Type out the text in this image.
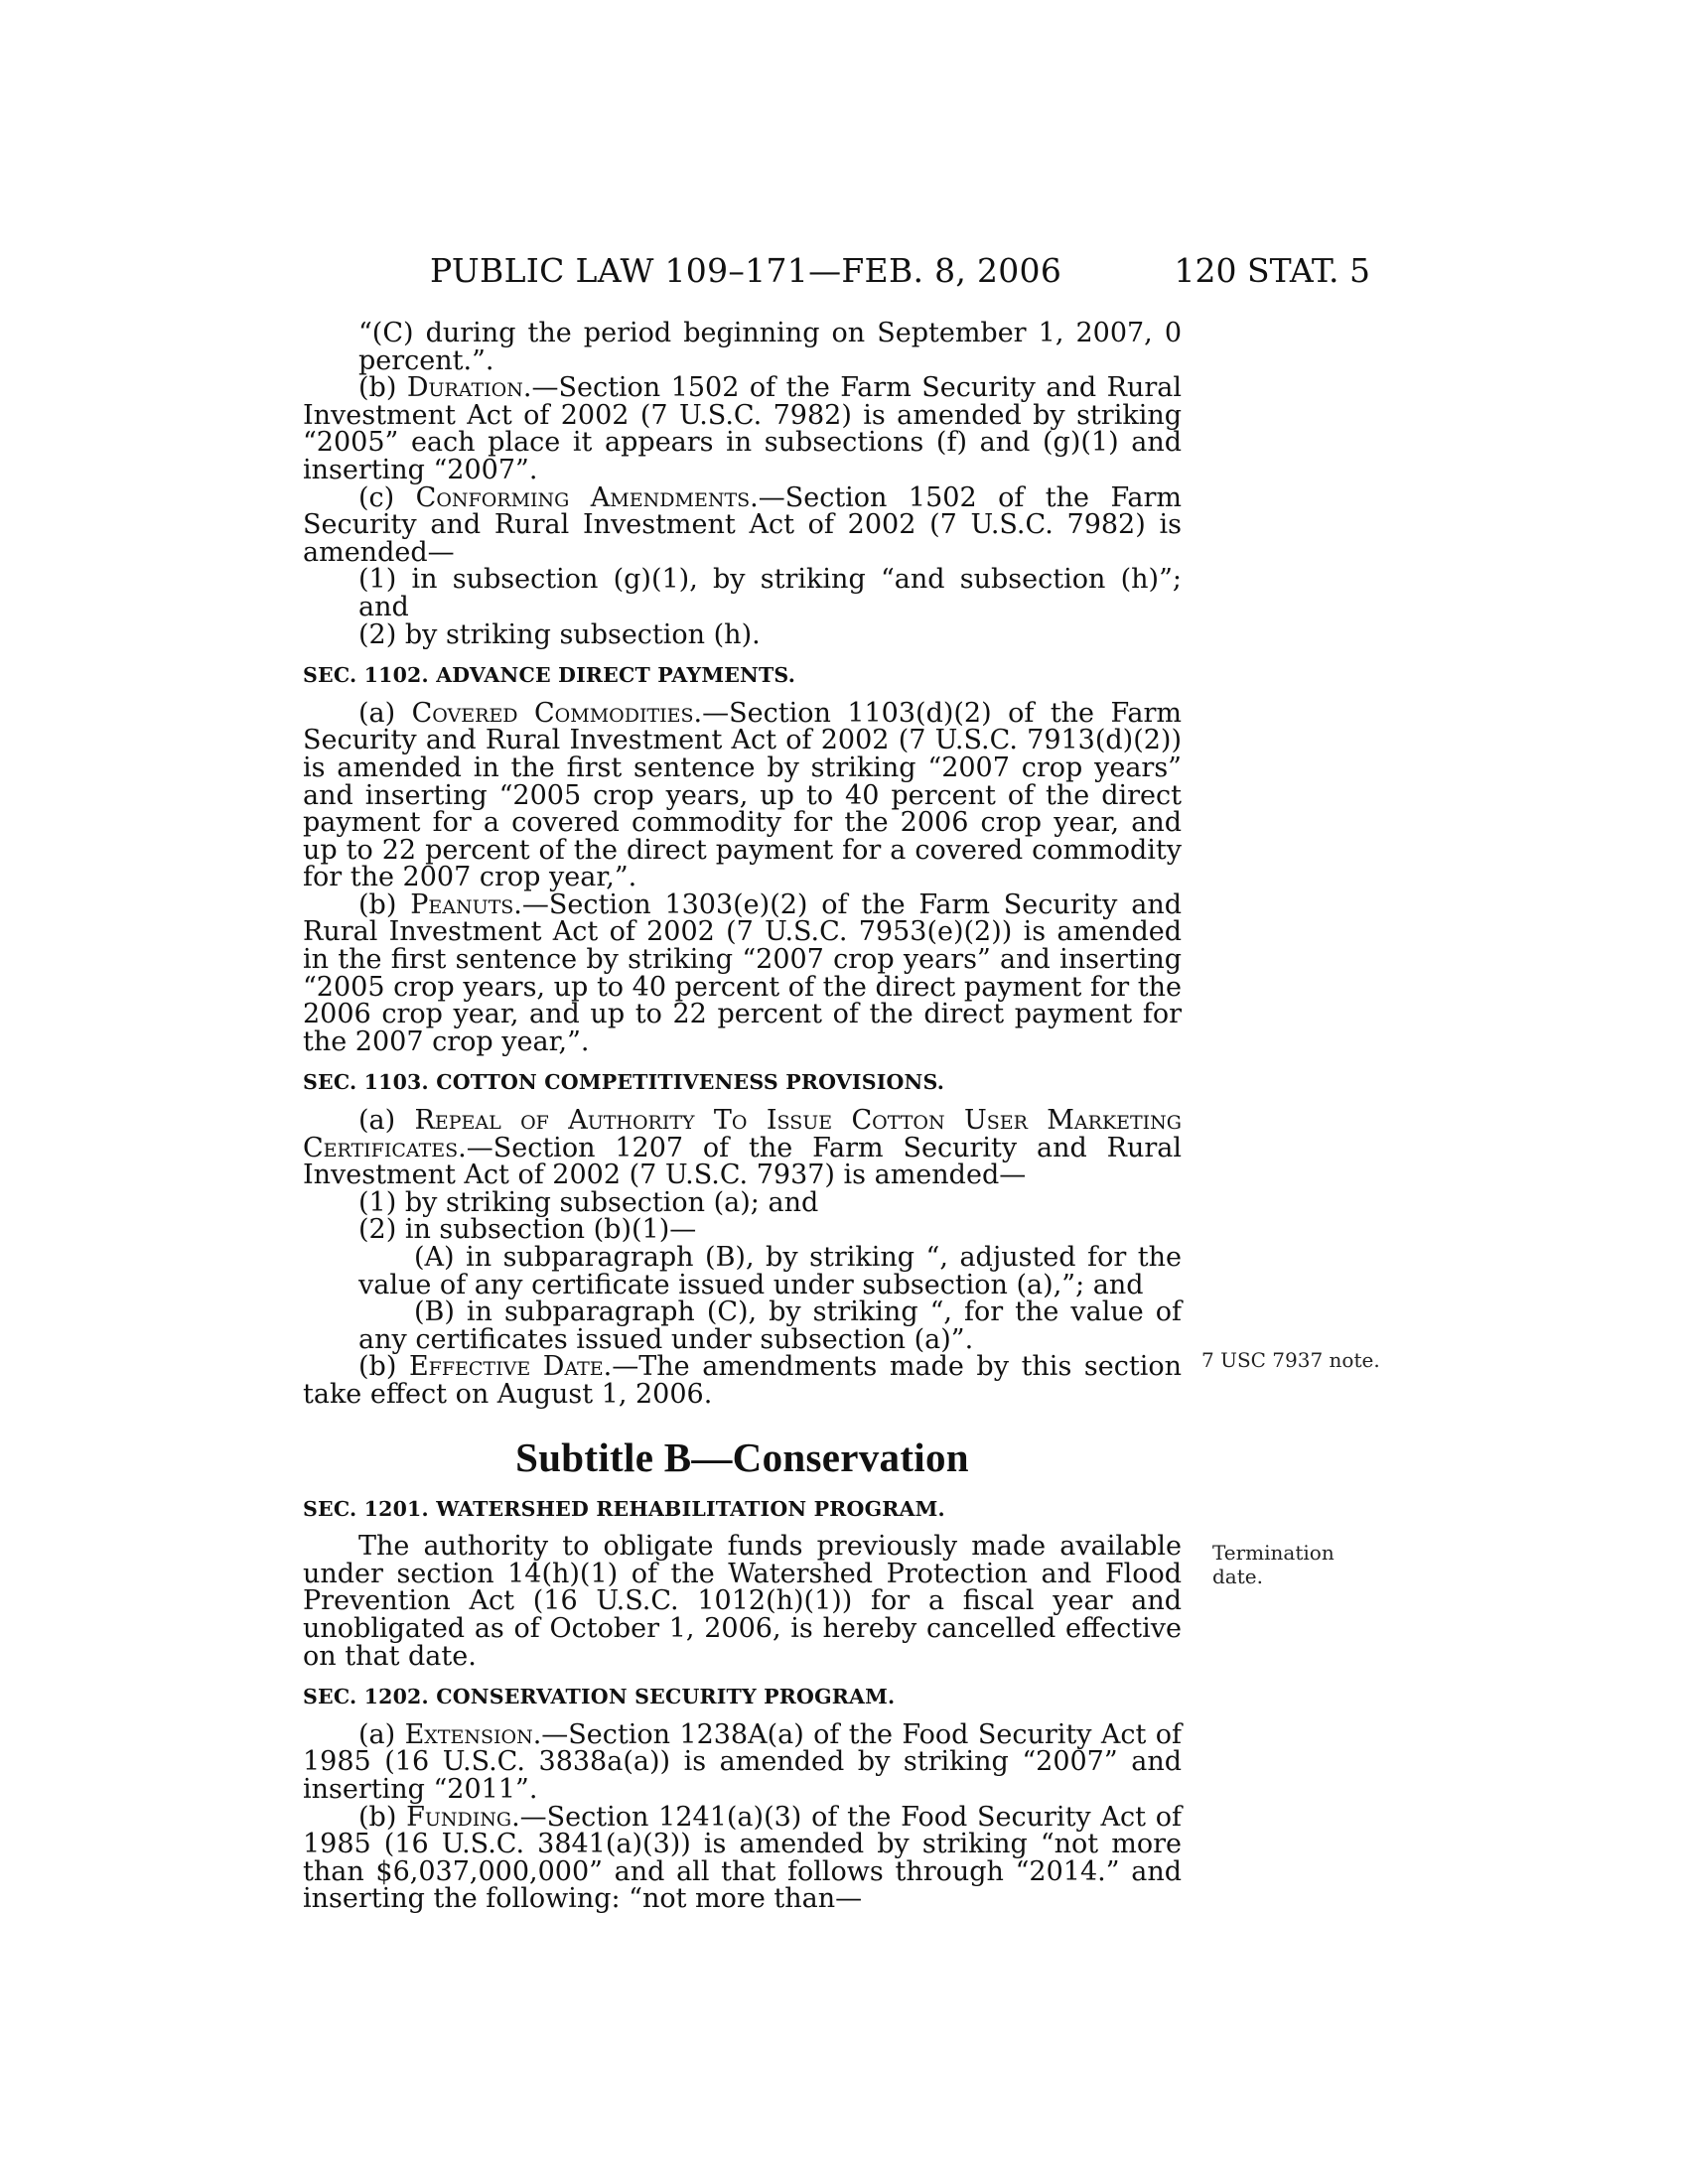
PUBLIC LAW 109–171—FEB. 8, 2006	120 STAT. 5

“(C) during the period beginning on September 1, 2007, 0 percent.”.

(b) Duration.—Section 1502 of the Farm Security and Rural Investment Act of 2002 (7 U.S.C. 7982) is amended by striking “2005” each place it appears in subsections (f) and (g)(1) and inserting “2007”.

(c) Conforming Amendments.—Section 1502 of the Farm Security and Rural Investment Act of 2002 (7 U.S.C. 7982) is amended—

(1) in subsection (g)(1), by striking “and subsection (h)”; and

(2) by striking subsection (h).

SEC. 1102. ADVANCE DIRECT PAYMENTS.

(a) Covered Commodities.—Section 1103(d)(2) of the Farm Security and Rural Investment Act of 2002 (7 U.S.C. 7913(d)(2)) is amended in the first sentence by striking “2007 crop years” and inserting “2005 crop years, up to 40 percent of the direct payment for a covered commodity for the 2006 crop year, and up to 22 percent of the direct payment for a covered commodity for the 2007 crop year,”.

(b) Peanuts.—Section 1303(e)(2) of the Farm Security and Rural Investment Act of 2002 (7 U.S.C. 7953(e)(2)) is amended in the first sentence by striking “2007 crop years” and inserting “2005 crop years, up to 40 percent of the direct payment for the 2006 crop year, and up to 22 percent of the direct payment for the 2007 crop year,”.

SEC. 1103. COTTON COMPETITIVENESS PROVISIONS.

(a) Repeal of Authority To Issue Cotton User Marketing Certificates.—Section 1207 of the Farm Security and Rural Investment Act of 2002 (7 U.S.C. 7937) is amended—

(1) by striking subsection (a); and

(2) in subsection (b)(1)—

(A) in subparagraph (B), by striking “, adjusted for the value of any certificate issued under subsection (a),”; and

(B) in subparagraph (C), by striking “, for the value of any certificates issued under subsection (a)”.

(b) Effective Date.—The amendments made by this section take effect on August 1, 2006.

Subtitle B—Conservation

SEC. 1201. WATERSHED REHABILITATION PROGRAM.

The authority to obligate funds previously made available under section 14(h)(1) of the Watershed Protection and Flood Prevention Act (16 U.S.C. 1012(h)(1)) for a fiscal year and unobligated as of October 1, 2006, is hereby cancelled effective on that date.

SEC. 1202. CONSERVATION SECURITY PROGRAM.

(a) Extension.—Section 1238A(a) of the Food Security Act of 1985 (16 U.S.C. 3838a(a)) is amended by striking “2007” and inserting “2011”.

(b) Funding.—Section 1241(a)(3) of the Food Security Act of 1985 (16 U.S.C. 3841(a)(3)) is amended by striking “not more than $6,037,000,000” and all that follows through “2014.” and inserting the following: “not more than—

7 USC 7937 note.
Termination date.
